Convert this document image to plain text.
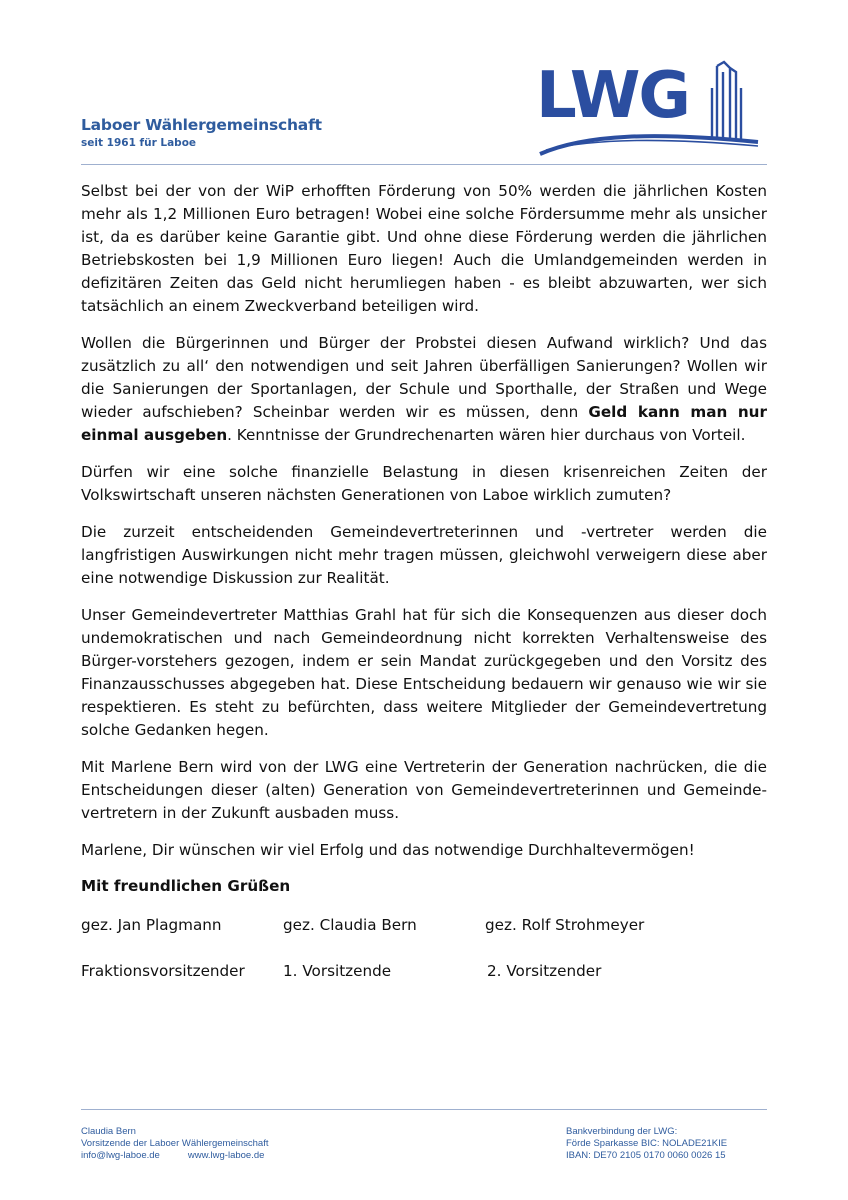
Laboer Wählergemeinschaft
seit 1961 für Laboe
LWG

Selbst bei der von der WiP erhofften Förderung von 50% werden die jährlichen Kosten mehr als 1,2 Millionen Euro betragen! Wobei eine solche Fördersumme mehr als unsicher ist, da es darüber keine Garantie gibt. Und ohne diese Förderung werden die jährlichen Betriebskosten bei 1,9 Millionen Euro liegen! Auch die Umlandgemeinden werden in defizitären Zeiten das Geld nicht herumliegen haben - es bleibt abzuwarten, wer sich tatsächlich an einem Zweckverband beteiligen wird.

Wollen die Bürgerinnen und Bürger der Probstei diesen Aufwand wirklich? Und das zusätzlich zu all‘ den notwendigen und seit Jahren überfälligen Sanierungen? Wollen wir die Sanierungen der Sportanlagen, der Schule und Sporthalle, der Straßen und Wege wieder aufschieben? Scheinbar werden wir es müssen, denn Geld kann man nur einmal ausgeben. Kenntnisse der Grundrechenarten wären hier durchaus von Vorteil.

Dürfen wir eine solche finanzielle Belastung in diesen krisenreichen Zeiten der Volkswirtschaft unseren nächsten Generationen von Laboe wirklich zumuten?

Die zurzeit entscheidenden Gemeindevertreterinnen und -vertreter werden die langfristigen Auswirkungen nicht mehr tragen müssen, gleichwohl verweigern diese aber eine notwendige Diskussion zur Realität.

Unser Gemeindevertreter Matthias Grahl hat für sich die Konsequenzen aus dieser doch undemokratischen und nach Gemeindeordnung nicht korrekten Verhaltensweise des Bürger-vorstehers gezogen, indem er sein Mandat zurückgegeben und den Vorsitz des Finanzausschusses abgegeben hat. Diese Entscheidung bedauern wir genauso wie wir sie respektieren. Es steht zu befürchten, dass weitere Mitglieder der Gemeindevertretung solche Gedanken hegen.

Mit Marlene Bern wird von der LWG eine Vertreterin der Generation nachrücken, die die Entscheidungen dieser (alten) Generation von Gemeindevertreterinnen und Gemeinde-vertretern in der Zukunft ausbaden muss.

Marlene, Dir wünschen wir viel Erfolg und das notwendige Durchhaltevermögen!

Mit freundlichen Grüßen
gez. Jan Plagmann	gez. Claudia Bern	gez. Rolf Strohmeyer
Fraktionsvorsitzender	1. Vorsitzende	2. Vorsitzender
Claudia Bern
Vorsitzende der Laboer Wählergemeinschaft
info@lwg-laboe.de	www.lwg-laboe.de
Bankverbindung der LWG:
Förde Sparkasse BIC: NOLADE21KIE
IBAN: DE70 2105 0170 0060 0026 15
